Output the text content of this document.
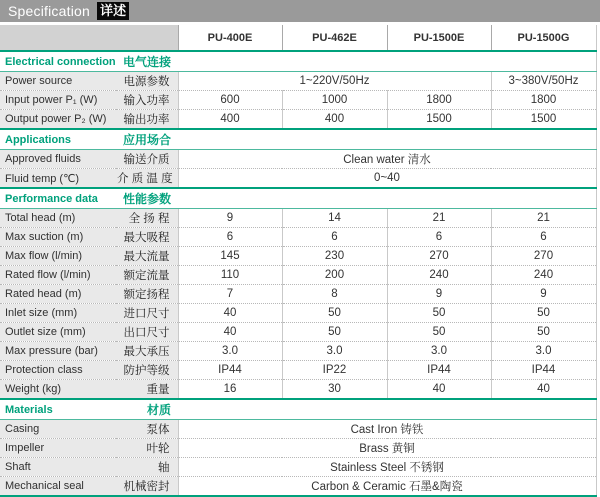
Specification 详述
		PU-400E	PU-462E	PU-1500E	PU-1500G
Electrical connection	电气连接				
Power source	电源参数	1~220V/50Hz			3~380V/50Hz
Input power P₁ (W)	输入功率	600	1000	1800	1800
Output power P₂ (W)	输出功率	400	400	1500	1500
Applications	应用场合				
Approved fluids	输送介质	Clean water 清水			
Fluid temp (℃)	介 质 温 度	0~40			
Performance data	性能参数				
Total head (m)	全 扬 程	9	14	21	21
Max suction (m)	最大吸程	6	6	6	6
Max flow (l/min)	最大流量	145	230	270	270
Rated flow (l/min)	额定流量	110	200	240	240
Rated head (m)	额定扬程	7	8	9	9
Inlet size (mm)	进口尺寸	40	50	50	50
Outlet size (mm)	出口尺寸	40	50	50	50
Max pressure (bar)	最大承压	3.0	3.0	3.0	3.0
Protection class	防护等级	IP44	IP22	IP44	IP44
Weight (kg)	重量	16	30	40	40
Materials	材质				
Casing	泵体	Cast Iron 铸铁			
Impeller	叶轮	Brass 黄铜			
Shaft	轴	Stainless Steel 不锈钢			
Mechanical seal	机械密封	Carbon & Ceramic 石墨&陶瓷			
